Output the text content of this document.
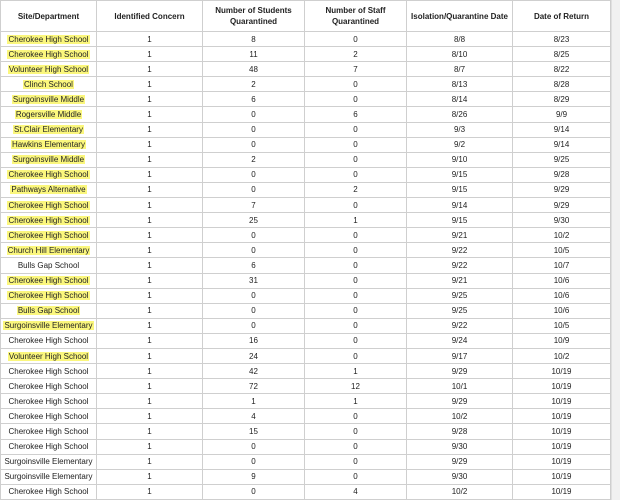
Site/Department	Identified Concern	Number of Students Quarantined	Number of Staff Quarantined	Isolation/Quarantine Date	Date of Return
Cherokee High School	1	8	0	8/8	8/23
Cherokee High School	1	11	2	8/10	8/25
Volunteer High School	1	48	7	8/7	8/22
Clinch School	1	2	0	8/13	8/28
Surgoinsville Middle	1	6	0	8/14	8/29
Rogersville Middle	1	0	6	8/26	9/9
St.Clair Elementary	1	0	0	9/3	9/14
Hawkins Elementary	1	0	0	9/2	9/14
Surgoinsville Middle	1	2	0	9/10	9/25
Cherokee High School	1	0	0	9/15	9/28
Pathways Alternative	1	0	2	9/15	9/29
Cherokee High School	1	7	0	9/14	9/29
Cherokee High School	1	25	1	9/15	9/30
Cherokee High School	1	0	0	9/21	10/2
Church Hill Elementary	1	0	0	9/22	10/5
Bulls Gap School	1	6	0	9/22	10/7
Cherokee High School	1	31	0	9/21	10/6
Cherokee High School	1	0	0	9/25	10/6
Bulls Gap School	1	0	0	9/25	10/6
Surgoinsville Elementary	1	0	0	9/22	10/5
Cherokee High School	1	16	0	9/24	10/9
Volunteer High School	1	24	0	9/17	10/2
Cherokee High School	1	42	1	9/29	10/19
Cherokee High School	1	72	12	10/1	10/19
Cherokee High School	1	1	1	9/29	10/19
Cherokee High School	1	4	0	10/2	10/19
Cherokee High School	1	15	0	9/28	10/19
Cherokee High School	1	0	0	9/30	10/19
Surgoinsville Elementary	1	0	0	9/29	10/19
Surgoinsville Elementary	1	9	0	9/30	10/19
Cherokee High School	1	0	4	10/2	10/19
